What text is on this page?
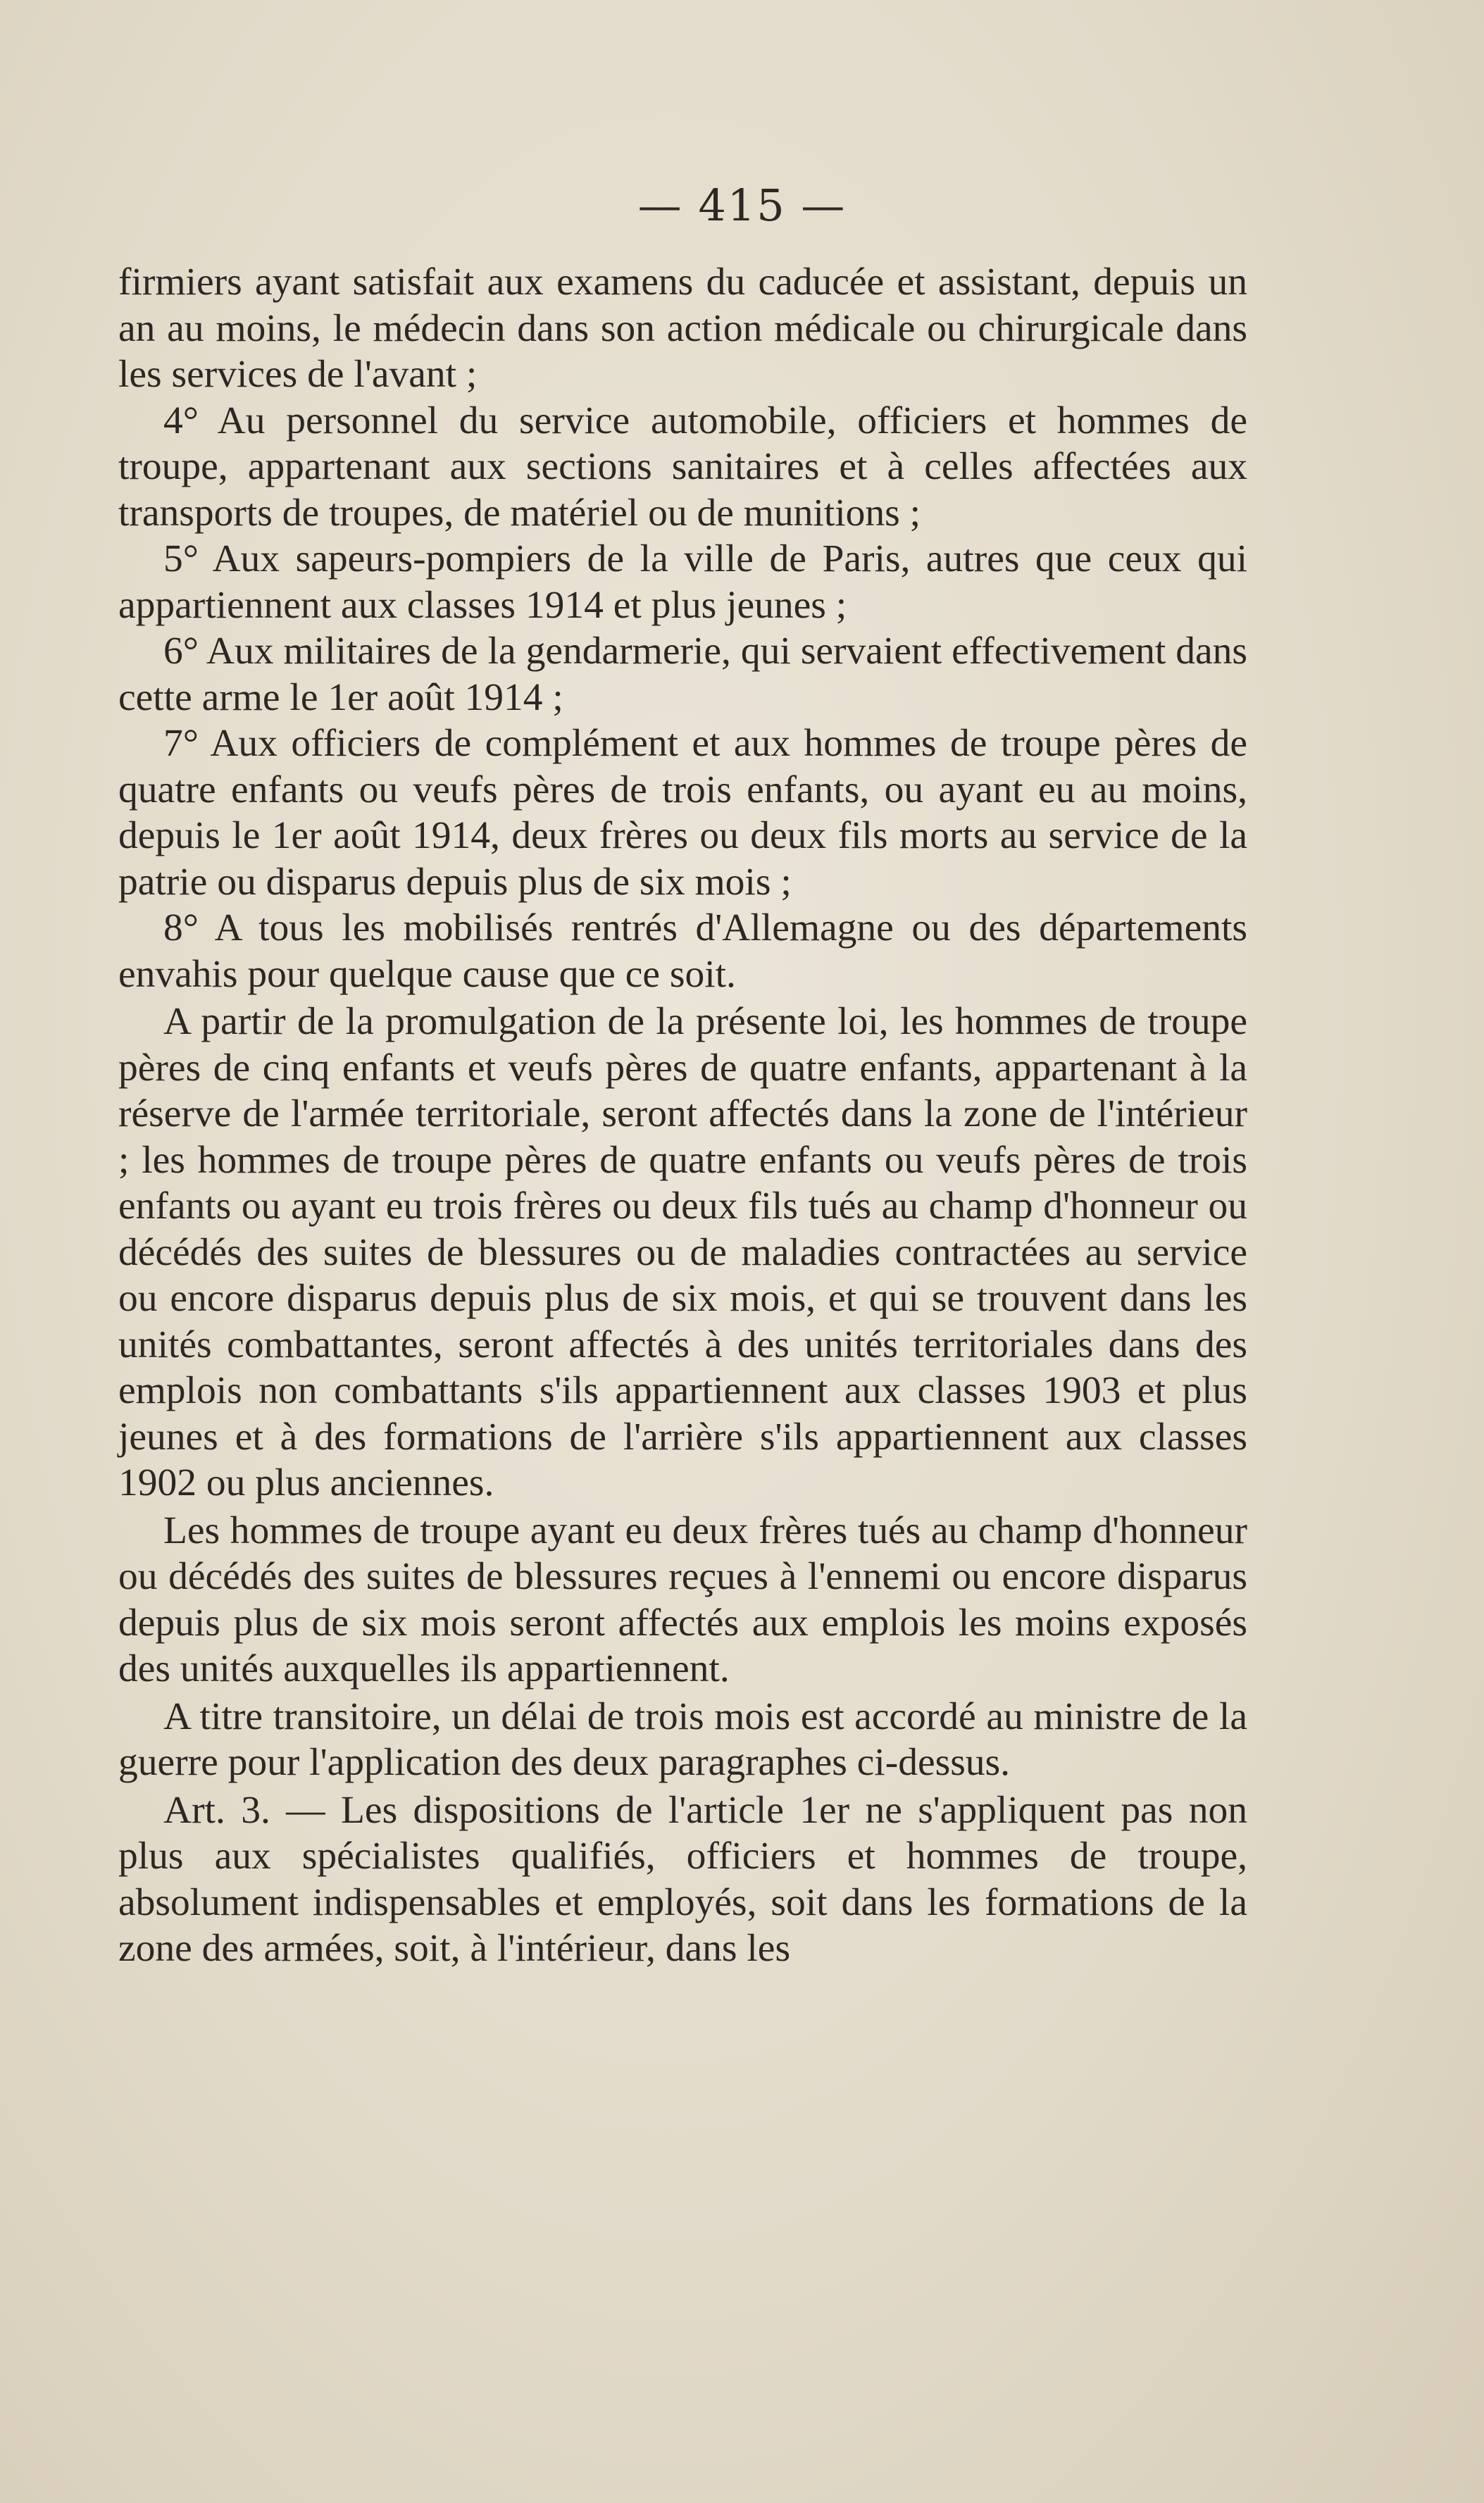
— 415 —

firmiers ayant satisfait aux examens du caducée et assistant, depuis un an au moins, le médecin dans son action médicale ou chirurgicale dans les services de l'avant ;

4° Au personnel du service automobile, officiers et hommes de troupe, appartenant aux sections sanitaires et à celles affectées aux transports de troupes, de matériel ou de munitions ;

5° Aux sapeurs-pompiers de la ville de Paris, autres que ceux qui appartiennent aux classes 1914 et plus jeunes ;

6° Aux militaires de la gendarmerie, qui servaient effectivement dans cette arme le 1er août 1914 ;

7° Aux officiers de complément et aux hommes de troupe pères de quatre enfants ou veufs pères de trois enfants, ou ayant eu au moins, depuis le 1er août 1914, deux frères ou deux fils morts au service de la patrie ou disparus depuis plus de six mois ;

8° A tous les mobilisés rentrés d'Allemagne ou des départements envahis pour quelque cause que ce soit.

A partir de la promulgation de la présente loi, les hommes de troupe pères de cinq enfants et veufs pères de quatre enfants, appartenant à la réserve de l'armée territoriale, seront affectés dans la zone de l'intérieur ; les hommes de troupe pères de quatre enfants ou veufs pères de trois enfants ou ayant eu trois frères ou deux fils tués au champ d'honneur ou décédés des suites de blessures ou de maladies contractées au service ou encore disparus depuis plus de six mois, et qui se trouvent dans les unités combattantes, seront affectés à des unités territoriales dans des emplois non combattants s'ils appartiennent aux classes 1903 et plus jeunes et à des formations de l'arrière s'ils appartiennent aux classes 1902 ou plus anciennes.

Les hommes de troupe ayant eu deux frères tués au champ d'honneur ou décédés des suites de blessures reçues à l'ennemi ou encore disparus depuis plus de six mois seront affectés aux emplois les moins exposés des unités auxquelles ils appartiennent.

A titre transitoire, un délai de trois mois est accordé au ministre de la guerre pour l'application des deux paragraphes ci-dessus.

Art. 3. — Les dispositions de l'article 1er ne s'appliquent pas non plus aux spécialistes qualifiés, officiers et hommes de troupe, absolument indispensables et employés, soit dans les formations de la zone des armées, soit, à l'intérieur, dans les
